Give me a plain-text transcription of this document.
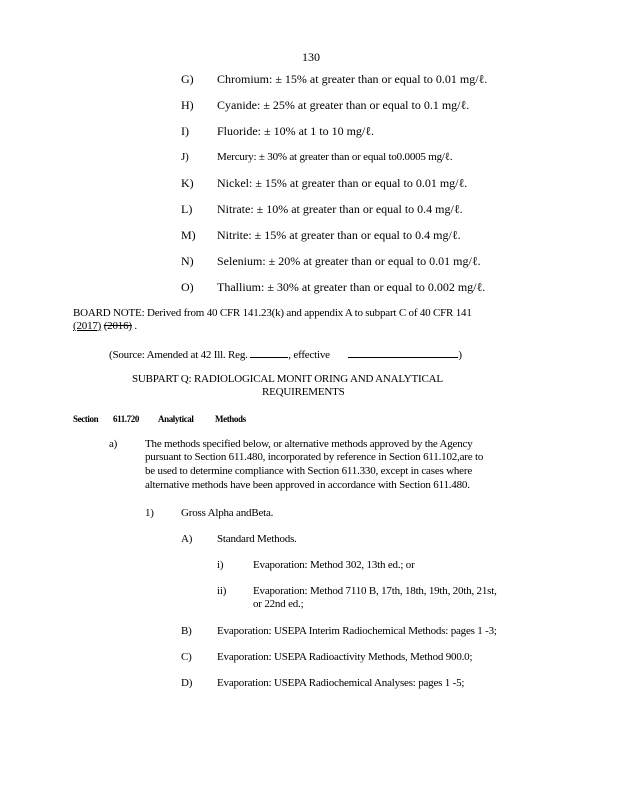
130
G) Chromium: ± 15% at greater than or equal to 0.01 mg/ℓ.
H) Cyanide: ± 25% at greater than or equal to 0.1 mg/ℓ.
I) Fluoride: ± 10% at 1 to 10 mg/ℓ.
J)	Mercury: ± 30% at greater than or equal to0.0005 mg/ℓ.
K) Nickel: ± 15% at greater than or equal to 0.01 mg/ℓ.
L) Nitrate: ± 10% at greater than or equal to 0.4 mg/ℓ.
M) Nitrite: ± 15% at greater than or equal to 0.4 mg/ℓ.
N) Selenium: ± 20% at greater than or equal to 0.01 mg/ℓ.
O) Thallium: ± 30% at greater than or equal to 0.002 mg/ℓ.
BOARD NOTE: Derived from 40 CFR 141.23(k) and appendix A to subpart C of 40 CFR 141
(2017) (2016) .
(Source: Amended at 42 Ill. Reg.	, effective	)
SUBPART Q: RADIOLOGICAL MONIT ORING AND ANALYTICAL
REQUIREMENTS
Section 611.720 Analytical Methods
a)	The methods specified below, or alternative methods approved by the Agency
pursuant to Section 611.480, incorporated by reference in Section 611.102,are to
be used to determine compliance with Section 611.330, except in cases where
alternative methods have been approved in accordance with Section 611.480.
1) Gross Alpha andBeta.
A) Standard Methods.
i)	Evaporation: Method 302, 13th ed.; or
ii) Evaporation: Method 7110 B, 17th, 18th, 19th, 20th, 21st,
or 22nd ed.;
B) Evaporation: USEPA Interim Radiochemical Methods: pages 1 -3;
C) Evaporation: USEPA Radioactivity Methods, Method 900.0;
D) Evaporation: USEPA Radiochemical Analyses: pages 1 -5;
